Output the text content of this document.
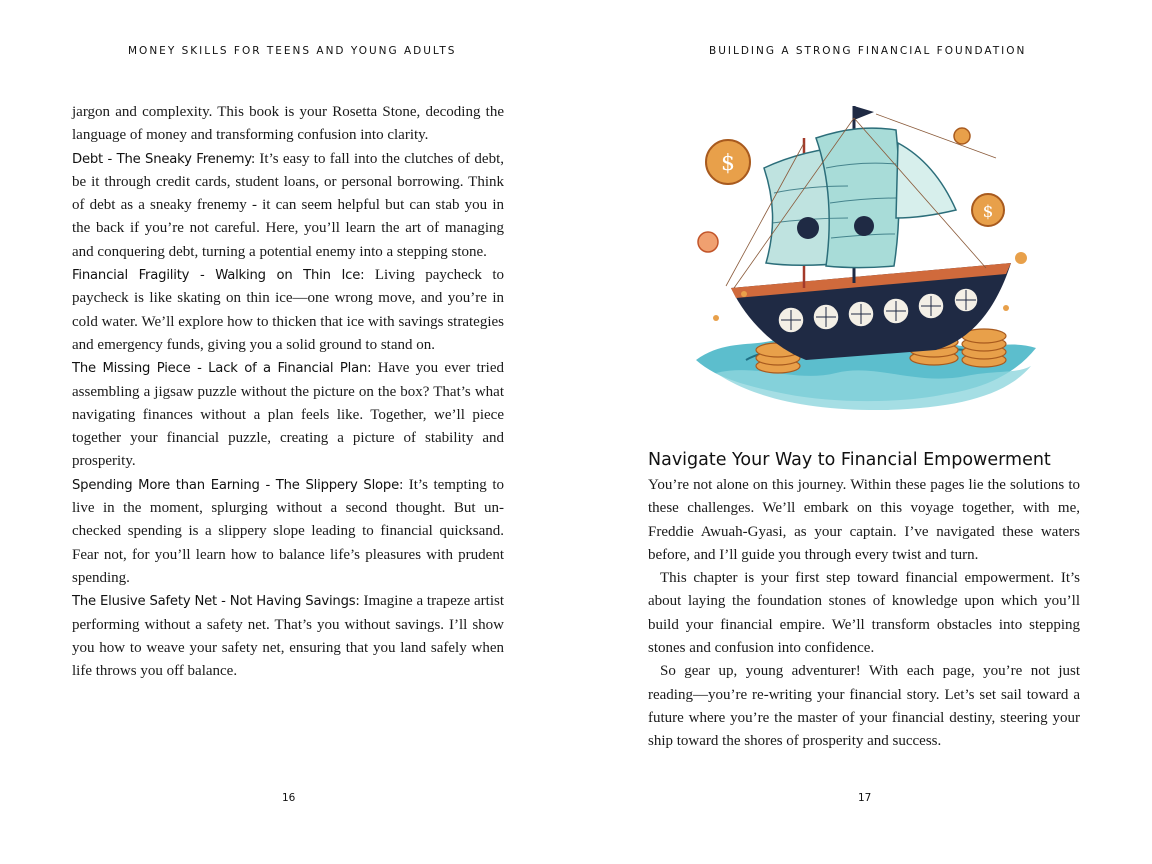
MONEY SKILLS FOR TEENS AND YOUNG ADULTS

jargon and complexity. This book is your Rosetta Stone, decoding the language of money and transforming confusion into clarity.

Debt - The Sneaky Frenemy: It’s easy to fall into the clutches of debt, be it through credit cards, student loans, or personal borrowing. Think of debt as a sneaky frenemy - it can seem helpful but can stab you in the back if you’re not careful. Here, you’ll learn the art of managing and conquering debt, turning a potential enemy into a stepping stone.

Financial Fragility - Walking on Thin Ice: Living paycheck to paycheck is like skating on thin ice—one wrong move, and you’re in cold water. We’ll explore how to thicken that ice with savings strategies and emergency funds, giving you a solid ground to stand on.

The Missing Piece - Lack of a Financial Plan: Have you ever tried assembling a jigsaw puzzle without the picture on the box? That’s what navigating finances without a plan feels like. Together, we’ll piece together your financial puzzle, creating a picture of stability and prosperity.

Spending More than Earning - The Slippery Slope: It’s tempting to live in the moment, splurging without a second thought. But un-checked spending is a slippery slope leading to financial quicksand. Fear not, for you’ll learn how to balance life’s pleasures with prudent spending.

The Elusive Safety Net - Not Having Savings: Imagine a trapeze artist performing without a safety net. That’s you without savings. I’ll show you how to weave your safety net, ensuring that you land safely when life throws you off balance.

16
BUILDING A STRONG FINANCIAL FOUNDATION
$
$
Navigate Your Way to Financial Empowerment

You’re not alone on this journey. Within these pages lie the solutions to these challenges. We’ll embark on this voyage together, with me, Freddie Awuah-Gyasi, as your captain. I’ve navigated these waters before, and I’ll guide you through every twist and turn.

This chapter is your first step toward financial empowerment. It’s about laying the foundation stones of knowledge upon which you’ll build your financial empire. We’ll transform obstacles into stepping stones and confusion into confidence.

So gear up, young adventurer! With each page, you’re not just reading—you’re re-writing your financial story. Let’s set sail toward a future where you’re the master of your financial destiny, steering your ship toward the shores of prosperity and success.

17
